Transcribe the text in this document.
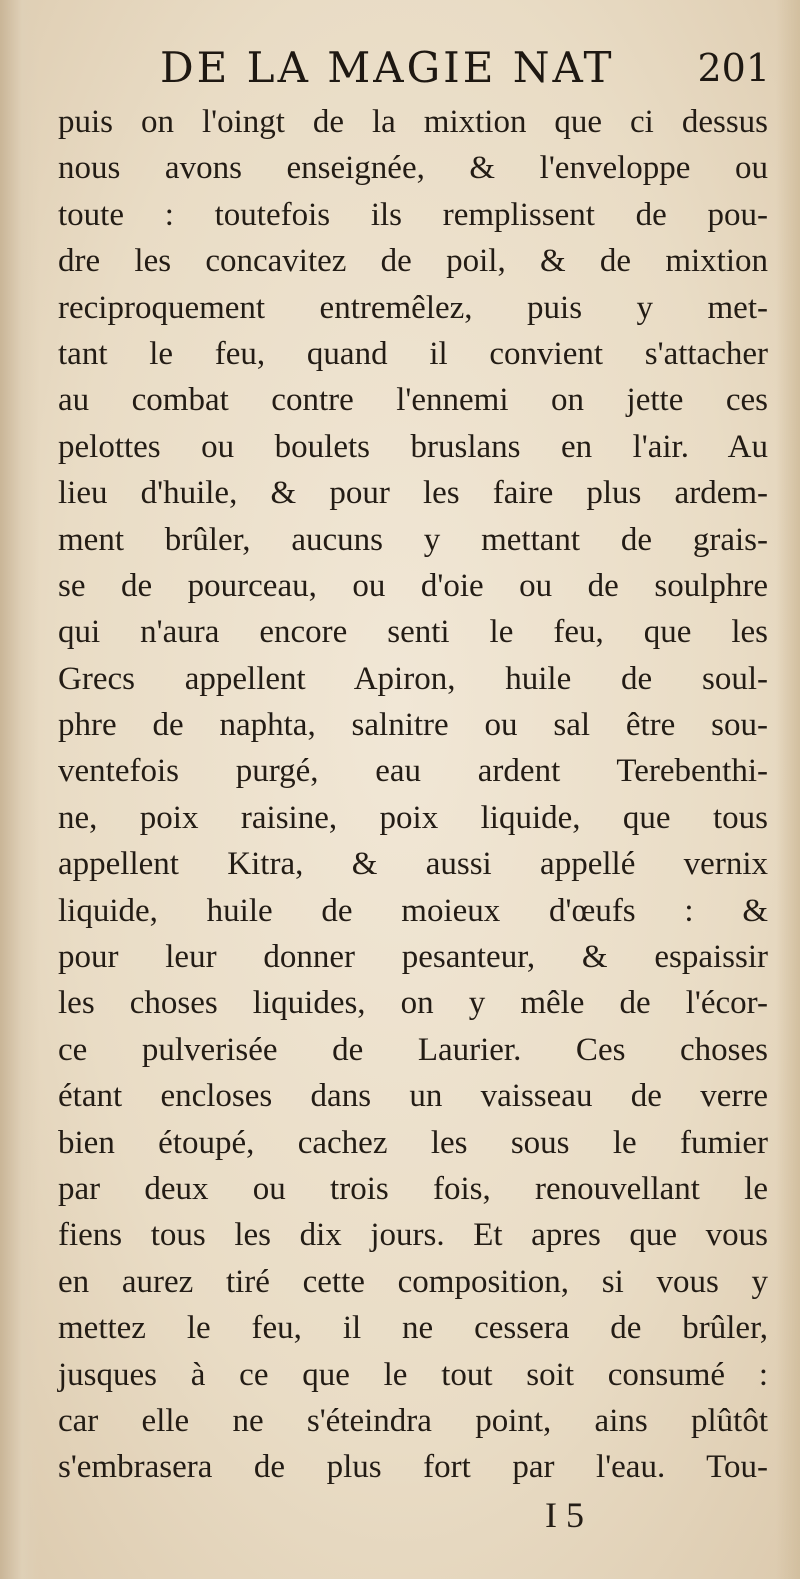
DE LA MAGIE NAT 201
puis on l'oingt de la mixtion que ci dessus
nous avons enseignée, & l'enveloppe ou
toute : toutefois ils remplissent de pou-
dre les concavitez de poil, & de mixtion
reciproquement entremêlez, puis y met-
tant le feu, quand il convient s'attacher
au combat contre l'ennemi on jette ces
pelottes ou boulets bruslans en l'air. Au
lieu d'huile, & pour les faire plus ardem-
ment brûler, aucuns y mettant de grais-
se de pourceau, ou d'oie ou de soulphre
qui n'aura encore senti le feu, que les
Grecs appellent Apiron, huile de soul-
phre de naphta, salnitre ou sal être sou-
ventefois purgé, eau ardent Terebenthi-
ne, poix raisine, poix liquide, que tous
appellent Kitra, & aussi appellé vernix
liquide, huile de moieux d'œufs : &
pour leur donner pesanteur, & espaissir
les choses liquides, on y mêle de l'écor-
ce pulverisée de Laurier. Ces choses
étant encloses dans un vaisseau de verre
bien étoupé, cachez les sous le fumier
par deux ou trois fois, renouvellant le
fiens tous les dix jours. Et apres que vous
en aurez tiré cette composition, si vous y
mettez le feu, il ne cessera de brûler,
jusques à ce que le tout soit consumé :
car elle ne s'éteindra point, ains plûtôt
s'embrasera de plus fort par l'eau. Tou-
I 5
